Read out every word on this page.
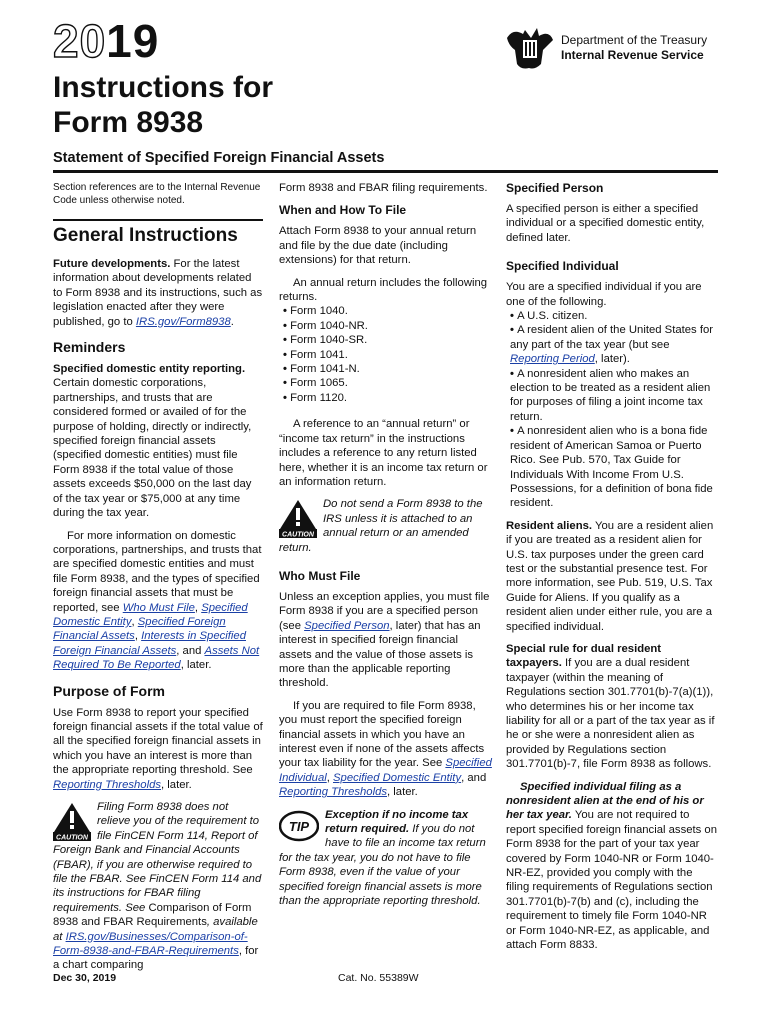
2019
Instructions for
Form 8938
Statement of Specified Foreign Financial Assets
Department of the Treasury
Internal Revenue Service

Section references are to the Internal Revenue Code unless otherwise noted.

General Instructions

Future developments. For the latest information about developments related to Form 8938 and its instructions, such as legislation enacted after they were published, go to IRS.gov/Form8938.

Reminders

Specified domestic entity reporting. Certain domestic corporations, partnerships, and trusts that are considered formed or availed of for the purpose of holding, directly or indirectly, specified foreign financial assets (specified domestic entities) must file Form 8938 if the total value of those assets exceeds $50,000 on the last day of the tax year or $75,000 at any time during the tax year.

For more information on domestic corporations, partnerships, and trusts that are specified domestic entities and must file Form 8938, and the types of specified foreign financial assets that must be reported, see Who Must File, Specified Domestic Entity, Specified Foreign Financial Assets, Interests in Specified Foreign Financial Assets, and Assets Not Required To Be Reported, later.

Purpose of Form

Use Form 8938 to report your specified foreign financial assets if the total value of all the specified foreign financial assets in which you have an interest is more than the appropriate reporting threshold. See Reporting Thresholds, later.

CAUTION
Filing Form 8938 does not relieve you of the requirement to file FinCEN Form 114, Report of Foreign Bank and Financial Accounts (FBAR), if you are otherwise required to file the FBAR. See FinCEN Form 114 and its instructions for FBAR filing requirements. See Comparison of Form 8938 and FBAR Requirements, available at IRS.gov/Businesses/Comparison-of-Form-8938-and-FBAR-Requirements, for a chart comparing

Form 8938 and FBAR filing requirements.

When and How To File

Attach Form 8938 to your annual return and file by the due date (including extensions) for that return.

An annual return includes the following returns.

• Form 1040.
• Form 1040-NR.
• Form 1040-SR.
• Form 1041.
• Form 1041-N.
• Form 1065.
• Form 1120.

A reference to an “annual return” or “income tax return” in the instructions includes a reference to any return listed here, whether it is an income tax return or an information return.

CAUTION
Do not send a Form 8938 to the IRS unless it is attached to an annual return or an amended return.
Who Must File

Unless an exception applies, you must file Form 8938 if you are a specified person (see Specified Person, later) that has an interest in specified foreign financial assets and the value of those assets is more than the applicable reporting threshold.

If you are required to file Form 8938, you must report the specified foreign financial assets in which you have an interest even if none of the assets affects your tax liability for the year. See Specified Individual, Specified Domestic Entity, and Reporting Thresholds, later.

TIP
Exception if no income tax return required. If you do not have to file an income tax return for the tax year, you do not have to file Form 8938, even if the value of your specified foreign financial assets is more than the appropriate reporting threshold.
Specified Person

A specified person is either a specified individual or a specified domestic entity, defined later.

Specified Individual

You are a specified individual if you are one of the following.

• A U.S. citizen.
• A resident alien of the United States for any part of the tax year (but see Reporting Period, later).
• A nonresident alien who makes an election to be treated as a resident alien for purposes of filing a joint income tax return.
• A nonresident alien who is a bona fide resident of American Samoa or Puerto Rico. See Pub. 570, Tax Guide for Individuals With Income From U.S. Possessions, for a definition of bona fide resident.

Resident aliens. You are a resident alien if you are treated as a resident alien for U.S. tax purposes under the green card test or the substantial presence test. For more information, see Pub. 519, U.S. Tax Guide for Aliens. If you qualify as a resident alien under either rule, you are a specified individual.

Special rule for dual resident taxpayers. If you are a dual resident taxpayer (within the meaning of Regulations section 301.7701(b)-7(a)(1)), who determines his or her income tax liability for all or a part of the tax year as if he or she were a nonresident alien as provided by Regulations section 301.7701(b)-7, file Form 8938 as follows.

Specified individual filing as a nonresident alien at the end of his or her tax year. You are not required to report specified foreign financial assets on Form 8938 for the part of your tax year covered by Form 1040-NR or Form 1040-NR-EZ, provided you comply with the filing requirements of Regulations section 301.7701(b)-7(b) and (c), including the requirement to timely file Form 1040-NR or Form 1040-NR-EZ, as applicable, and attach Form 8833.

Dec 30, 2019	Cat. No. 55389W
